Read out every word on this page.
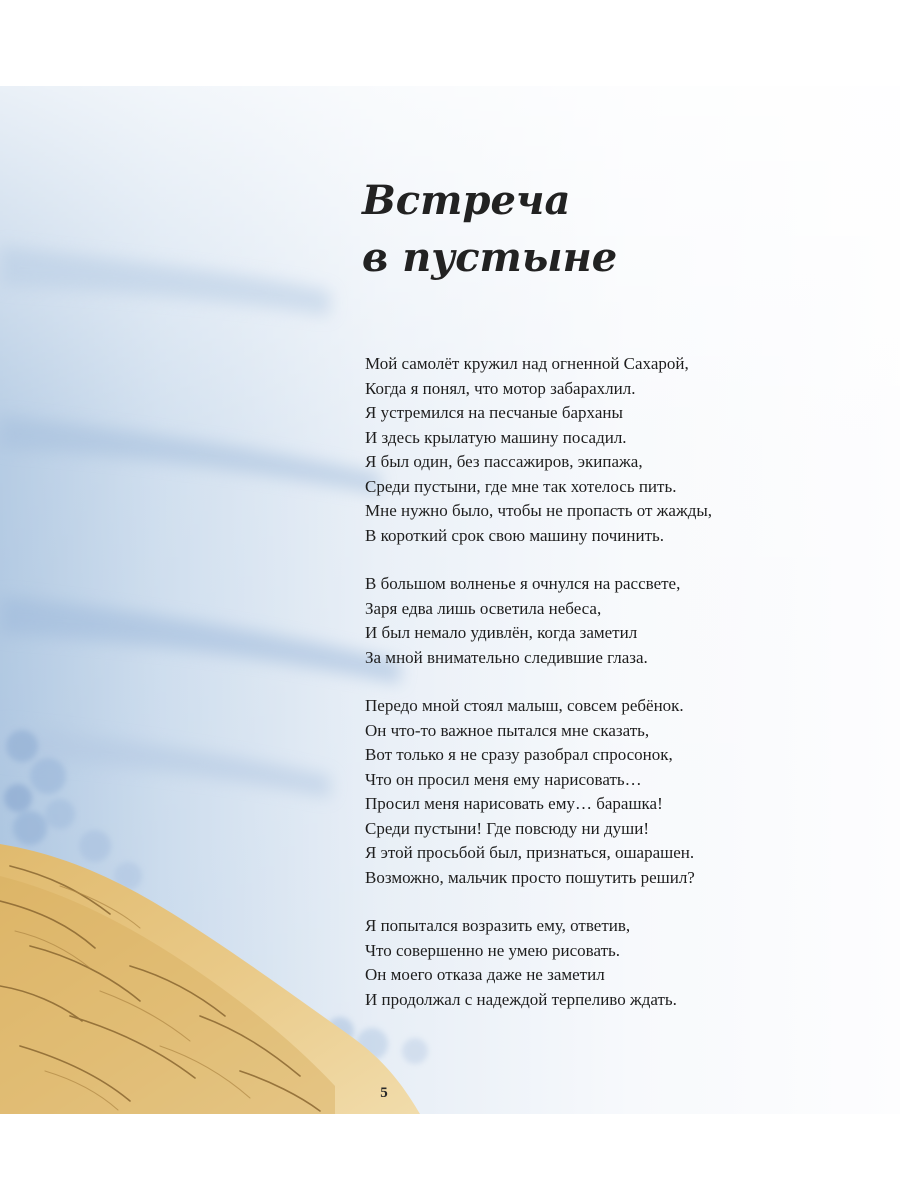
Встреча
в пустыне

Мой самолёт кружил над огненной Сахарой,
Когда я понял, что мотор забарахлил.
Я устремился на песчаные барханы
И здесь крылатую машину посадил.
Я был один, без пассажиров, экипажа,
Среди пустыни, где мне так хотелось пить.
Мне нужно было, чтобы не пропасть от жажды,
В короткий срок свою машину починить.

В большом волненье я очнулся на рассвете,
Заря едва лишь осветила небеса,
И был немало удивлён, когда заметил
За мной внимательно следившие глаза.

Передо мной стоял малыш, совсем ребёнок.
Он что-то важное пытался мне сказать,
Вот только я не сразу разобрал спросонок,
Что он просил меня ему нарисовать…
Просил меня нарисовать ему… барашка!
Среди пустыни! Где повсюду ни души!
Я этой просьбой был, признаться, ошарашен.
Возможно, мальчик просто пошутить решил?

Я попытался возразить ему, ответив,
Что совершенно не умею рисовать.
Он моего отказа даже не заметил
И продолжал с надеждой терпеливо ждать.

5
